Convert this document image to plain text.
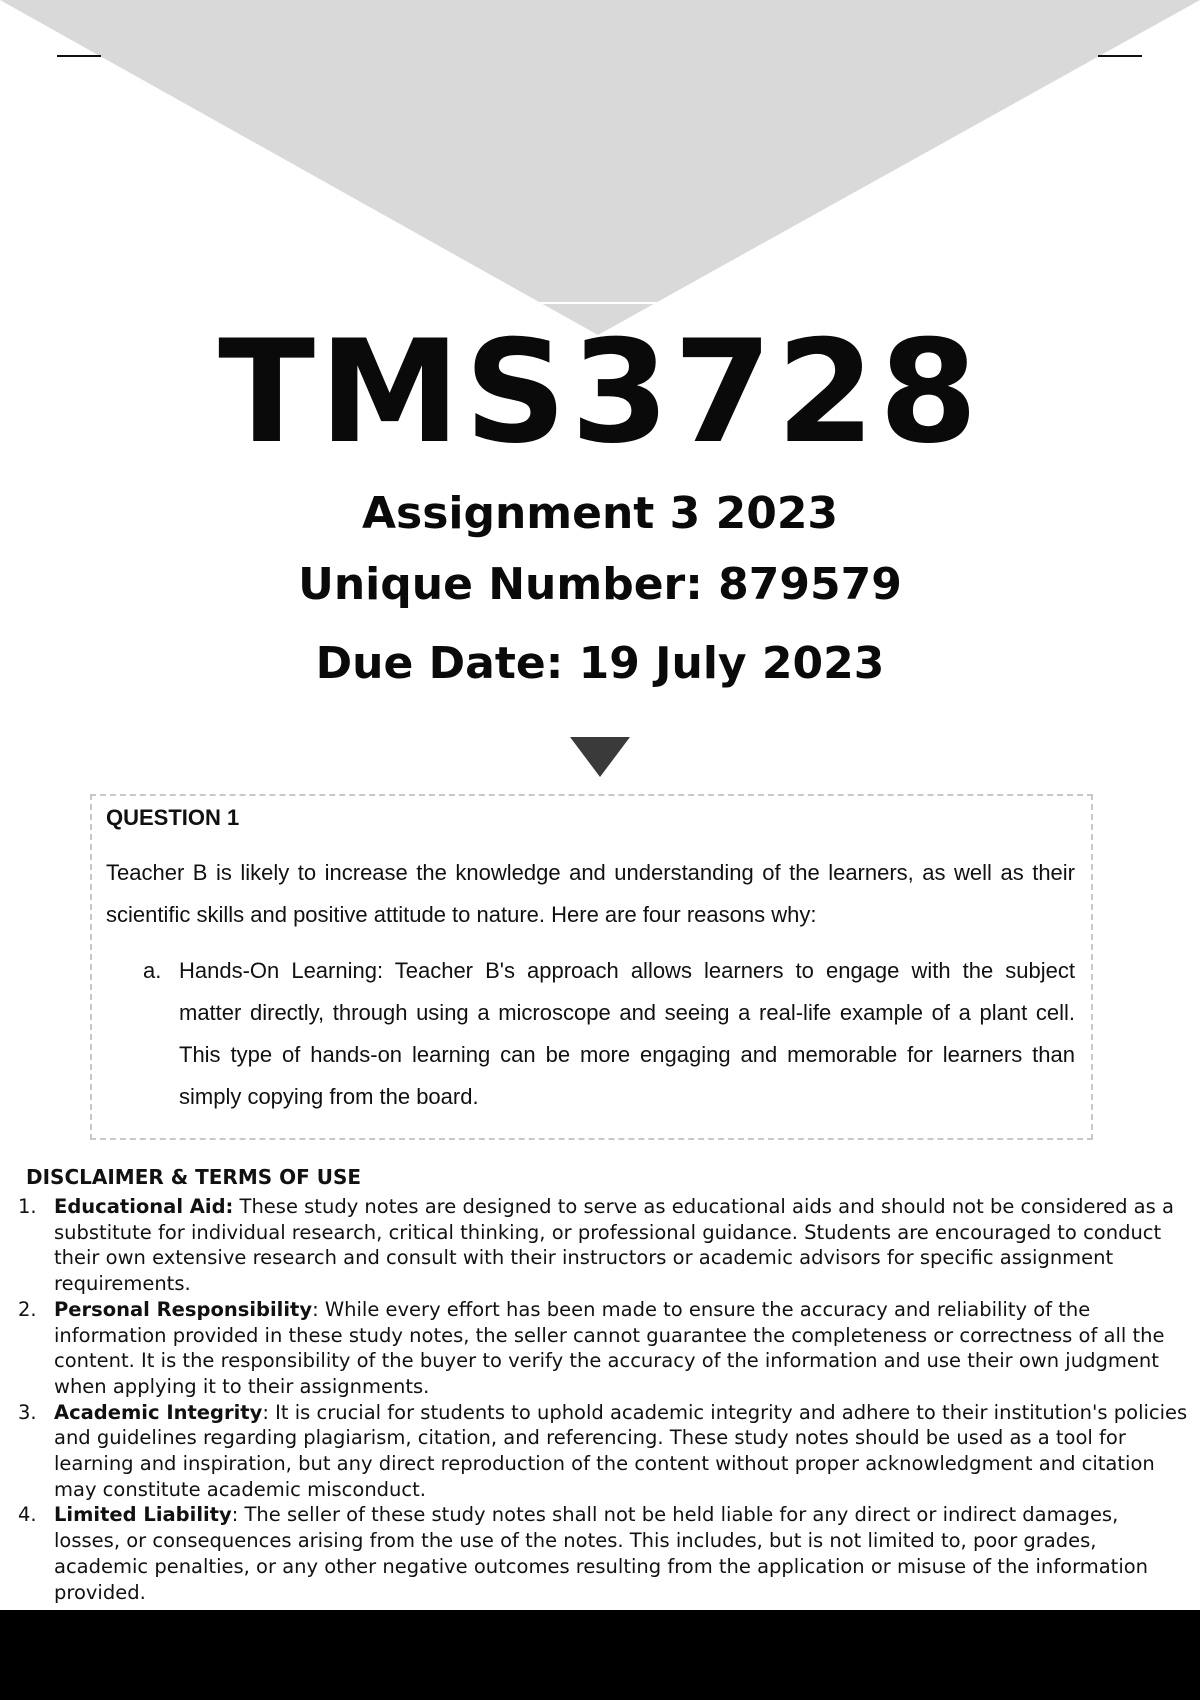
TMS3728
Assignment 3 2023
Unique Number: 879579
Due Date: 19 July 2023

QUESTION 1

Teacher B is likely to increase the knowledge and understanding of the learners, as well as their scientific skills and positive attitude to nature. Here are four reasons why:

a. Hands-On Learning: Teacher B's approach allows learners to engage with the subject matter directly, through using a microscope and seeing a real-life example of a plant cell. This type of hands-on learning can be more engaging and memorable for learners than simply copying from the board.
DISCLAIMER & TERMS OF USE
1. Educational Aid: These study notes are designed to serve as educational aids and should not be considered as a substitute for individual research, critical thinking, or professional guidance. Students are encouraged to conduct their own extensive research and consult with their instructors or academic advisors for specific assignment requirements.
2. Personal Responsibility: While every effort has been made to ensure the accuracy and reliability of the information provided in these study notes, the seller cannot guarantee the completeness or correctness of all the content. It is the responsibility of the buyer to verify the accuracy of the information and use their own judgment when applying it to their assignments.
3. Academic Integrity: It is crucial for students to uphold academic integrity and adhere to their institution's policies and guidelines regarding plagiarism, citation, and referencing. These study notes should be used as a tool for learning and inspiration, but any direct reproduction of the content without proper acknowledgment and citation may constitute academic misconduct.
4. Limited Liability: The seller of these study notes shall not be held liable for any direct or indirect damages, losses, or consequences arising from the use of the notes. This includes, but is not limited to, poor grades, academic penalties, or any other negative outcomes resulting from the application or misuse of the information provided.
